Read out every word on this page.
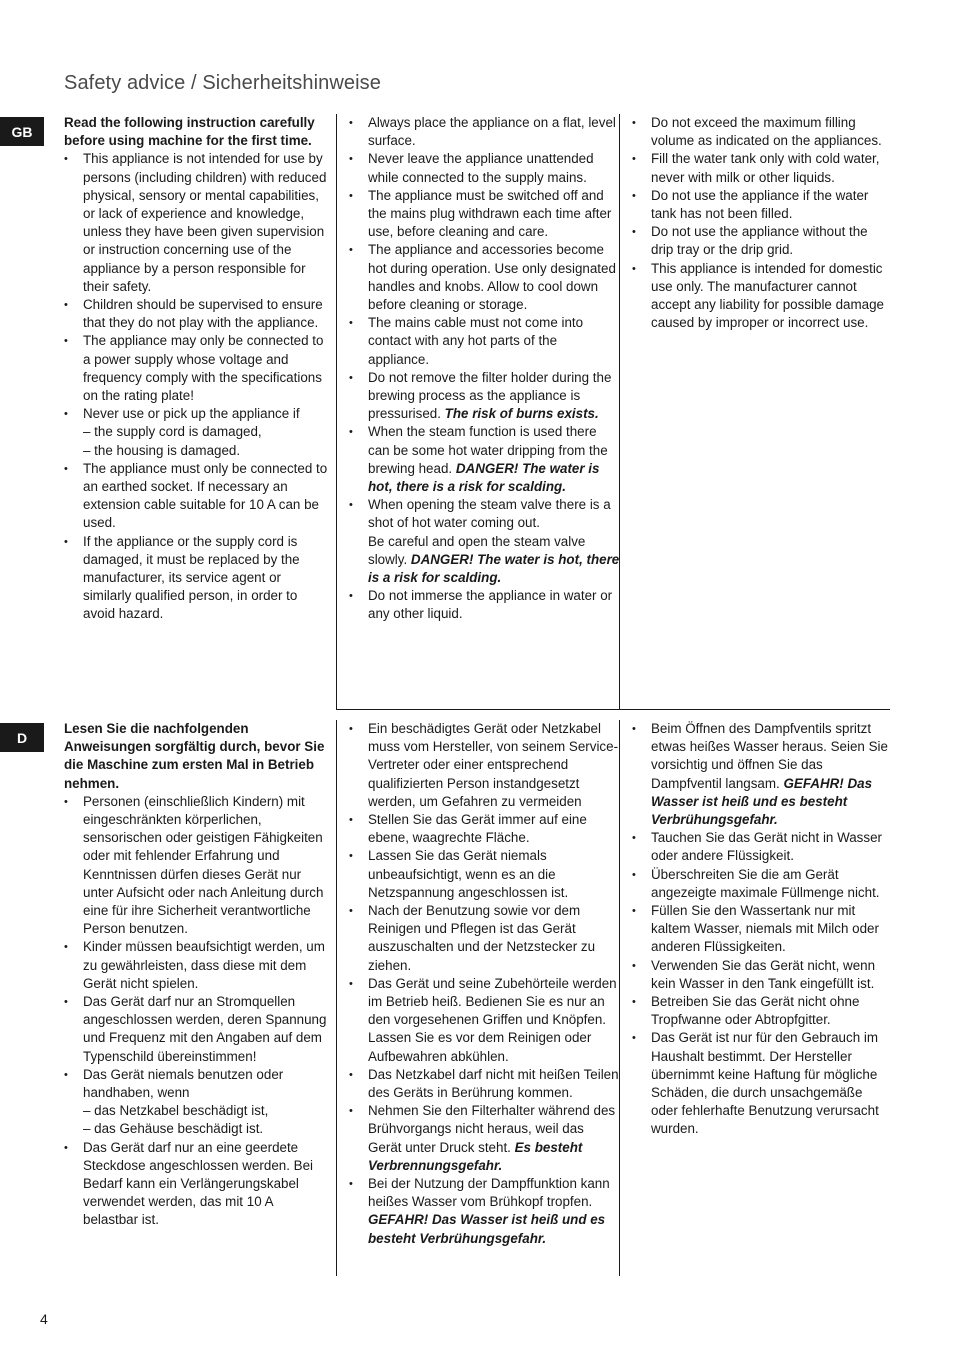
Safety advice / Sicherheitshinweise
GB

Read the following instruction carefully before using machine for the first time.

• This appliance is not intended for use by persons (including children) with reduced physical, sensory or mental capabilities, or lack of experience and knowledge, unless they have been given supervision or instruction concerning use of the appliance by a person responsible for their safety.
• Children should be supervised to ensure that they do not play with the appliance.
• The appliance may only be connected to a power supply whose voltage and frequency comply with the specifications on the rating plate!
• Never use or pick up the appliance if
– the supply cord is damaged,
– the housing is damaged.
• The appliance must only be connected to an earthed socket. If necessary an extension cable suitable for 10 A can be used.
• If the appliance or the supply cord is damaged, it must be replaced by the manufacturer, its service agent or similarly qualified person, in order to avoid hazard.
• Always place the appliance on a flat, level surface.
• Never leave the appliance unattended while connected to the supply mains.
• The appliance must be switched off and the mains plug withdrawn each time after use, before cleaning and care.
• The appliance and accessories become hot during operation. Use only designated handles and knobs. Allow to cool down before cleaning or storage.
• The mains cable must not come into contact with any hot parts of the appliance.
• Do not remove the filter holder during the brewing process as the appliance is pressurised. The risk of burns exists.
• When the steam function is used there can be some hot water dripping from the brewing head. DANGER! The water is hot, there is a risk for scalding.
• When opening the steam valve there is a shot of hot water coming out.
Be careful and open the steam valve slowly. DANGER! The water is hot, there is a risk for scalding.
• Do not immerse the appliance in water or any other liquid.
• Do not exceed the maximum filling volume as indicated on the appliances.
• Fill the water tank only with cold water, never with milk or other liquids.
• Do not use the appliance if the water tank has not been filled.
• Do not use the appliance without the drip tray or the drip grid.
• This appliance is intended for domestic use only. The manufacturer cannot accept any liability for possible damage caused by improper or incorrect use.
D

Lesen Sie die nachfolgenden Anweisungen sorgfältig durch, bevor Sie die Maschine zum ersten Mal in Betrieb nehmen.

• Personen (einschließlich Kindern) mit eingeschränkten körperlichen, sensorischen oder geistigen Fähigkeiten oder mit fehlender Erfahrung und Kenntnissen dürfen dieses Gerät nur unter Aufsicht oder nach Anleitung durch eine für ihre Sicherheit verantwortliche Person benutzen.
• Kinder müssen beaufsichtigt werden, um zu gewährleisten, dass diese mit dem Gerät nicht spielen.
• Das Gerät darf nur an Stromquellen angeschlossen werden, deren Spannung und Frequenz mit den Angaben auf dem Typenschild übereinstimmen!
• Das Gerät niemals benutzen oder handhaben, wenn
– das Netzkabel beschädigt ist,
– das Gehäuse beschädigt ist.
• Das Gerät darf nur an eine geerdete Steckdose angeschlossen werden. Bei Bedarf kann ein Verlängerungskabel verwendet werden, das mit 10 A belastbar ist.
• Ein beschädigtes Gerät oder Netzkabel muss vom Hersteller, von seinem Service-Vertreter oder einer entsprechend qualifizierten Person instandgesetzt werden, um Gefahren zu vermeiden
• Stellen Sie das Gerät immer auf eine ebene, waagrechte Fläche.
• Lassen Sie das Gerät niemals unbeaufsichtigt, wenn es an die Netzspannung angeschlossen ist.
• Nach der Benutzung sowie vor dem Reinigen und Pflegen ist das Gerät auszuschalten und der Netzstecker zu ziehen.
• Das Gerät und seine Zubehörteile werden im Betrieb heiß. Bedienen Sie es nur an den vorgesehenen Griffen und Knöpfen. Lassen Sie es vor dem Reinigen oder Aufbewahren abkühlen.
• Das Netzkabel darf nicht mit heißen Teilen des Geräts in Berührung kommen.
• Nehmen Sie den Filterhalter während des Brühvorgangs nicht heraus, weil das Gerät unter Druck steht. Es besteht Verbrennungsgefahr.
• Bei der Nutzung der Dampffunktion kann heißes Wasser vom Brühkopf tropfen. GEFAHR! Das Wasser ist heiß und es besteht Verbrühungsgefahr.
• Beim Öffnen des Dampfventils spritzt etwas heißes Wasser heraus. Seien Sie vorsichtig und öffnen Sie das Dampfventil langsam. GEFAHR! Das Wasser ist heiß und es besteht Verbrühungsgefahr.
• Tauchen Sie das Gerät nicht in Wasser oder andere Flüssigkeit.
• Überschreiten Sie die am Gerät angezeigte maximale Füllmenge nicht.
• Füllen Sie den Wassertank nur mit kaltem Wasser, niemals mit Milch oder anderen Flüssigkeiten.
• Verwenden Sie das Gerät nicht, wenn kein Wasser in den Tank eingefüllt ist.
• Betreiben Sie das Gerät nicht ohne Tropfwanne oder Abtropfgitter.
• Das Gerät ist nur für den Gebrauch im Haushalt bestimmt. Der Hersteller übernimmt keine Haftung für mögliche Schäden, die durch unsachgemäße oder fehlerhafte Benutzung verursacht wurden.
4
